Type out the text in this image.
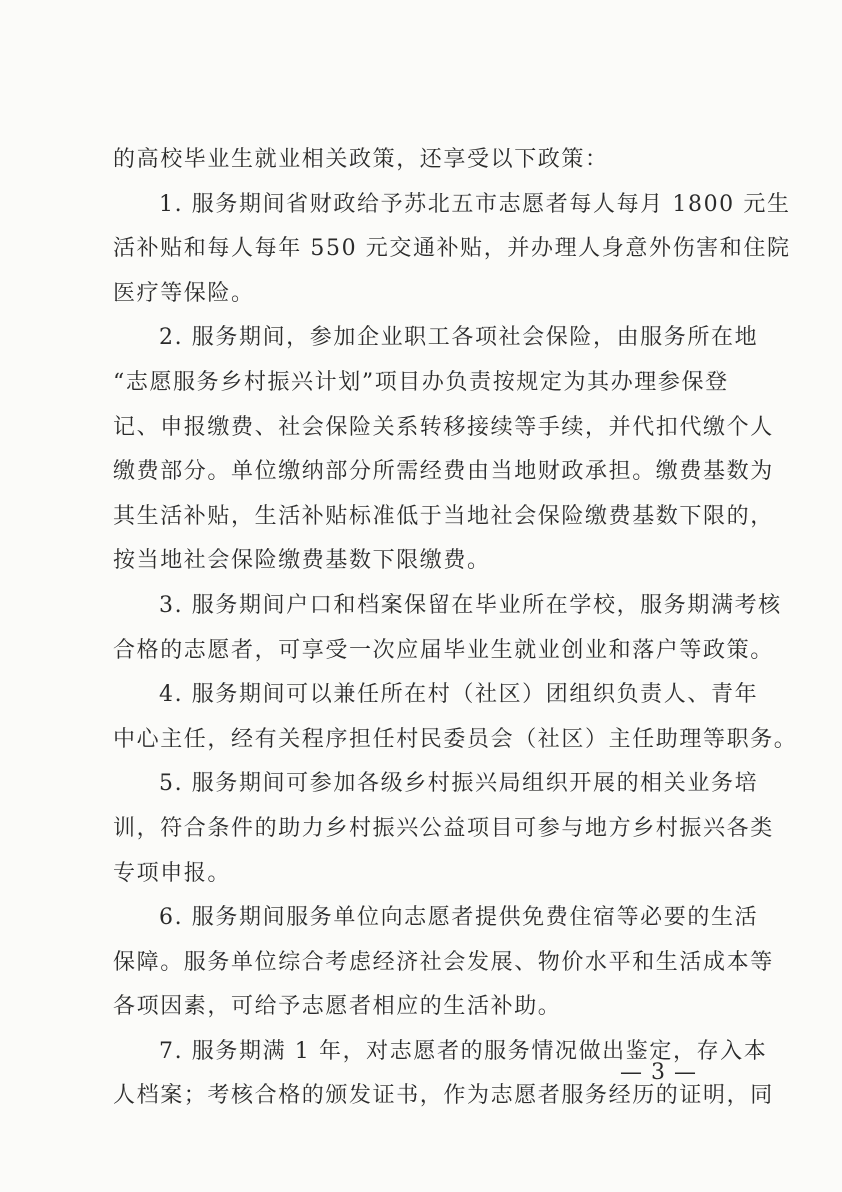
的高校毕业生就业相关政策，还享受以下政策：
1. 服务期间省财政给予苏北五市志愿者每人每月 1800 元生
活补贴和每人每年 550 元交通补贴，并办理人身意外伤害和住院
医疗等保险。
2. 服务期间，参加企业职工各项社会保险，由服务所在地
“志愿服务乡村振兴计划”项目办负责按规定为其办理参保登
记、申报缴费、社会保险关系转移接续等手续，并代扣代缴个人
缴费部分。单位缴纳部分所需经费由当地财政承担。缴费基数为
其生活补贴，生活补贴标准低于当地社会保险缴费基数下限的，
按当地社会保险缴费基数下限缴费。
3. 服务期间户口和档案保留在毕业所在学校，服务期满考核
合格的志愿者，可享受一次应届毕业生就业创业和落户等政策。
4. 服务期间可以兼任所在村（社区）团组织负责人、青年
中心主任，经有关程序担任村民委员会（社区）主任助理等职务。
5. 服务期间可参加各级乡村振兴局组织开展的相关业务培
训，符合条件的助力乡村振兴公益项目可参与地方乡村振兴各类
专项申报。
6. 服务期间服务单位向志愿者提供免费住宿等必要的生活
保障。服务单位综合考虑经济社会发展、物价水平和生活成本等
各项因素，可给予志愿者相应的生活补助。
7. 服务期满 1 年，对志愿者的服务情况做出鉴定，存入本
人档案；考核合格的颁发证书，作为志愿者服务经历的证明，同
— 3 —
